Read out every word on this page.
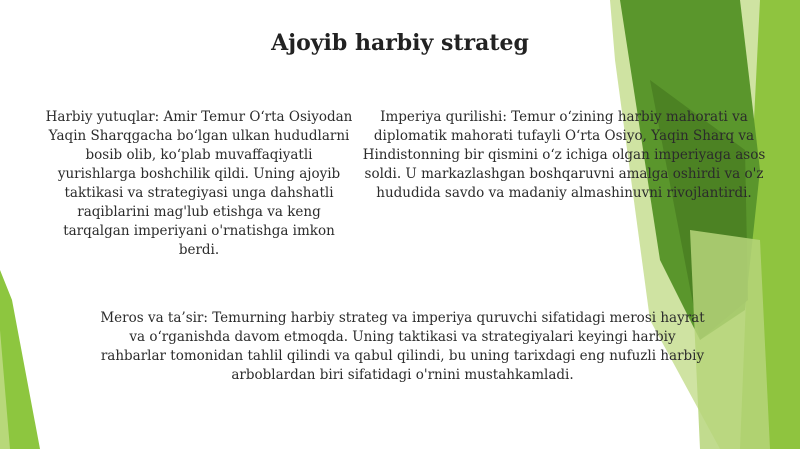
Ajoyib harbiy strateg
Harbiy yutuqlar: Amir Temur O‘rta Osiyodan Yaqin Sharqgacha bo‘lgan ulkan hududlarni bosib olib, ko‘plab muvaffaqiyatli yurishlarga boshchilik qildi. Uning ajoyib taktikasi va strategiyasi unga dahshatli raqiblarini mag'lub etishga va keng tarqalgan imperiyani o'rnatishga imkon berdi.
Imperiya qurilishi: Temur o‘zining harbiy mahorati va diplomatik mahorati tufayli O‘rta Osiyo, Yaqin Sharq va Hindistonning bir qismini o‘z ichiga olgan imperiyaga asos soldi. U markazlashgan boshqaruvni amalga oshirdi va o'z hududida savdo va madaniy almashinuvni rivojlantirdi.
Meros va ta’sir: Temurning harbiy strateg va imperiya quruvchi sifatidagi merosi hayrat va o‘rganishda davom etmoqda. Uning taktikasi va strategiyalari keyingi harbiy rahbarlar tomonidan tahlil qilindi va qabul qilindi, bu uning tarixdagi eng nufuzli harbiy arboblardan biri sifatidagi o'rnini mustahkamladi.
